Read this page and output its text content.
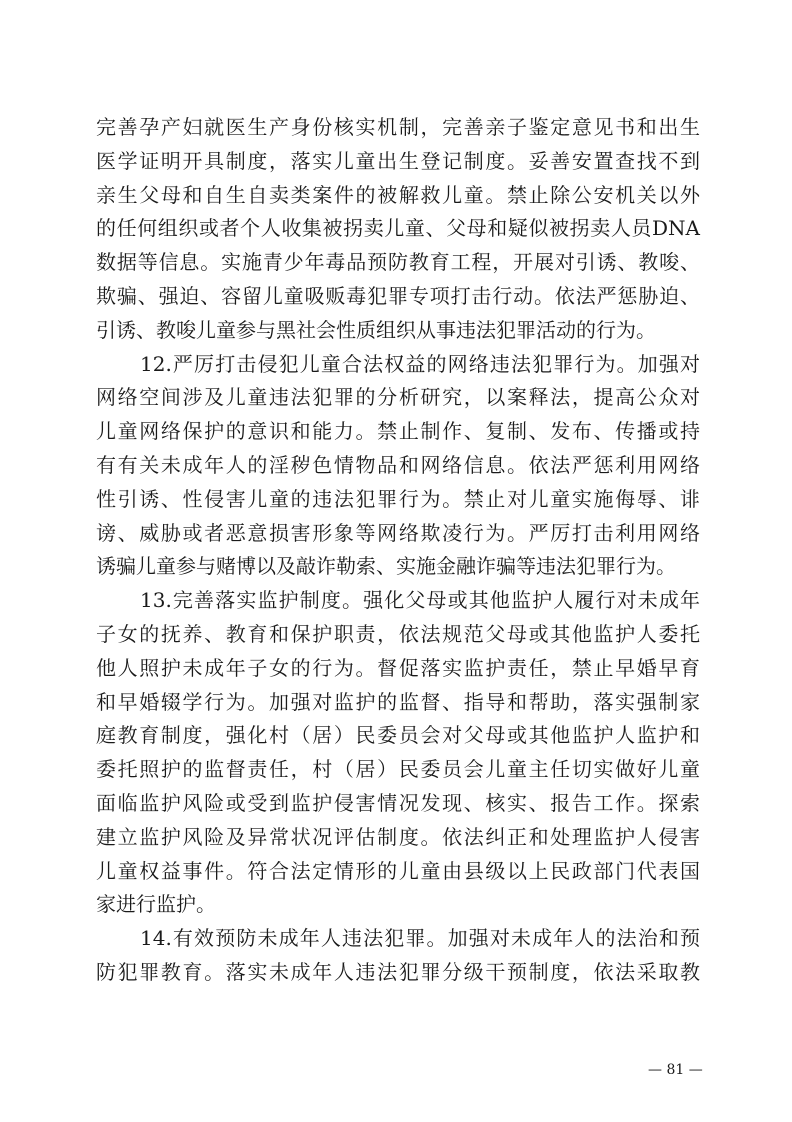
完善孕产妇就医生产身份核实机制，完善亲子鉴定意见书和出生
医学证明开具制度，落实儿童出生登记制度。妥善安置查找不到
亲生父母和自生自卖类案件的被解救儿童。禁止除公安机关以外
的任何组织或者个人收集被拐卖儿童、父母和疑似被拐卖人员DNA
数据等信息。实施青少年毒品预防教育工程，开展对引诱、教唆、
欺骗、强迫、容留儿童吸贩毒犯罪专项打击行动。依法严惩胁迫、
引诱、教唆儿童参与黑社会性质组织从事违法犯罪活动的行为。
12.严厉打击侵犯儿童合法权益的网络违法犯罪行为。加强对
网络空间涉及儿童违法犯罪的分析研究，以案释法，提高公众对
儿童网络保护的意识和能力。禁止制作、复制、发布、传播或持
有有关未成年人的淫秽色情物品和网络信息。依法严惩利用网络
性引诱、性侵害儿童的违法犯罪行为。禁止对儿童实施侮辱、诽
谤、威胁或者恶意损害形象等网络欺凌行为。严厉打击利用网络
诱骗儿童参与赌博以及敲诈勒索、实施金融诈骗等违法犯罪行为。
13.完善落实监护制度。强化父母或其他监护人履行对未成年
子女的抚养、教育和保护职责，依法规范父母或其他监护人委托
他人照护未成年子女的行为。督促落实监护责任，禁止早婚早育
和早婚辍学行为。加强对监护的监督、指导和帮助，落实强制家
庭教育制度，强化村（居）民委员会对父母或其他监护人监护和
委托照护的监督责任，村（居）民委员会儿童主任切实做好儿童
面临监护风险或受到监护侵害情况发现、核实、报告工作。探索
建立监护风险及异常状况评估制度。依法纠正和处理监护人侵害
儿童权益事件。符合法定情形的儿童由县级以上民政部门代表国
家进行监护。
14.有效预防未成年人违法犯罪。加强对未成年人的法治和预
防犯罪教育。落实未成年人违法犯罪分级干预制度，依法采取教
— 81 —
